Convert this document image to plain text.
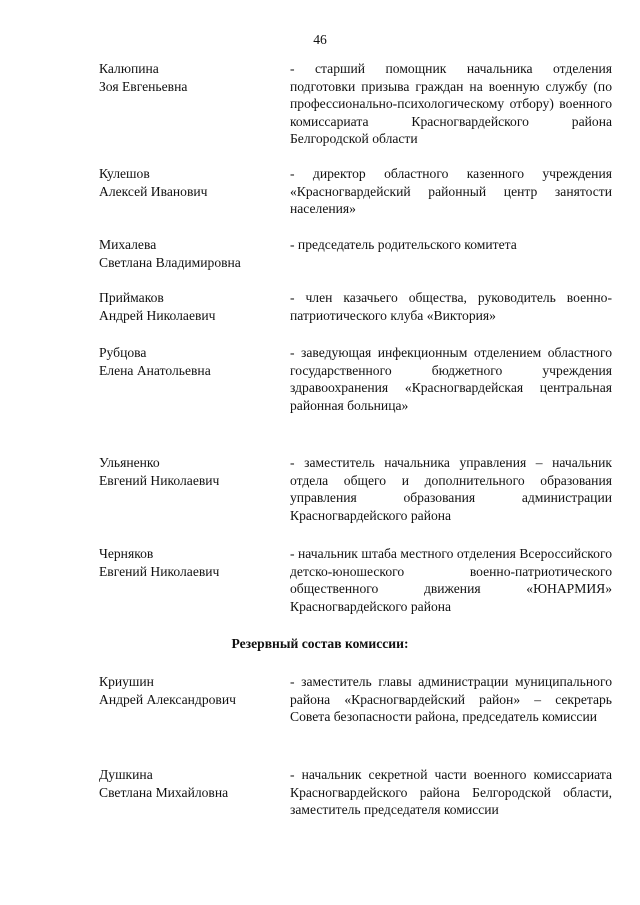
46
Калюпина
Зоя Евгеньевна
- старший помощник начальника отделения подготовки призыва граждан на военную службу (по профессионально-психологическому отбору) военного комиссариата Красногвардейского района Белгородской области
Кулешов
Алексей Иванович
- директор областного казенного учреждения «Красногвардейский районный центр занятости населения»
Михалева
Светлана Владимировна
- председатель родительского комитета
Приймаков
Андрей Николаевич
- член казачьего общества, руководитель военно-патриотического клуба «Виктория»
Рубцова
Елена Анатольевна
- заведующая инфекционным отделением областного государственного бюджетного учреждения здравоохранения «Красногвардейская центральная районная больница»
Ульяненко
Евгений Николаевич
- заместитель начальника управления – начальник отдела общего и дополнительного образования управления образования администрации Красногвардейского района
Черняков
Евгений Николаевич
- начальник штаба местного отделения Всероссийского детско-юношеского военно-патриотического общественного движения «ЮНАРМИЯ» Красногвардейского района
Резервный состав комиссии:
Криушин
Андрей Александрович
- заместитель главы администрации муниципального района «Красногвардейский район» – секретарь Совета безопасности района, председатель комиссии
Душкина
Светлана Михайловна
- начальник секретной части военного комиссариата Красногвардейского района Белгородской области, заместитель председателя комиссии
